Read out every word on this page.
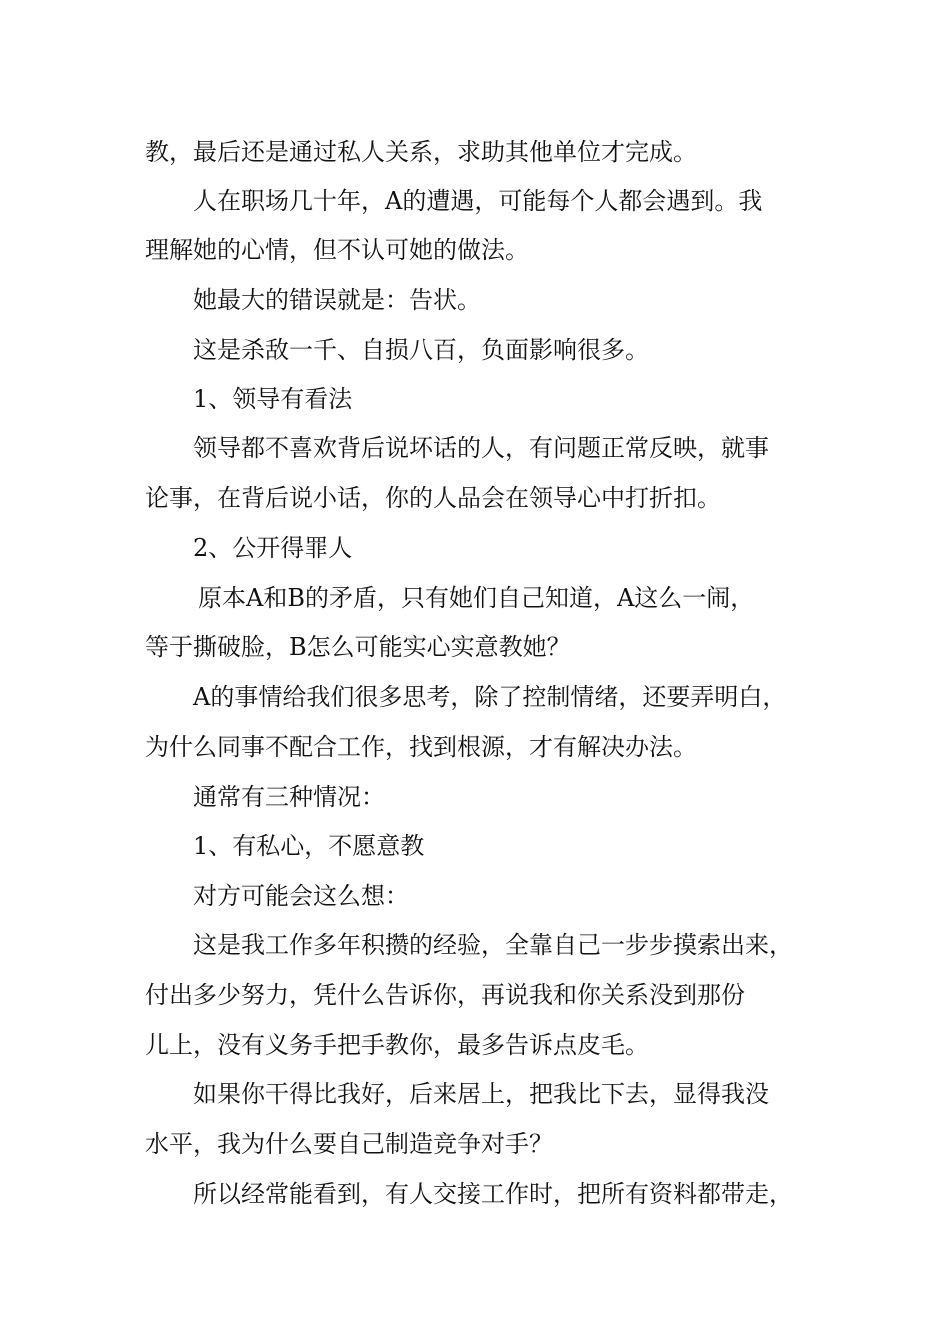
教，最后还是通过私人关系，求助其他单位才完成。
人在职场几十年，A的遭遇，可能每个人都会遇到。我
理解她的心情，但不认可她的做法。
她最大的错误就是：告状。
这是杀敌一千、自损八百，负面影响很多。
1、领导有看法
领导都不喜欢背后说坏话的人，有问题正常反映，就事
论事，在背后说小话，你的人品会在领导心中打折扣。
2、公开得罪人
原本A和B的矛盾，只有她们自己知道，A这么一闹，
等于撕破脸，B怎么可能实心实意教她？
A的事情给我们很多思考，除了控制情绪，还要弄明白，
为什么同事不配合工作，找到根源，才有解决办法。
通常有三种情况：
1、有私心，不愿意教
对方可能会这么想：
这是我工作多年积攒的经验，全靠自己一步步摸索出来，
付出多少努力，凭什么告诉你，再说我和你关系没到那份
儿上，没有义务手把手教你，最多告诉点皮毛。
如果你干得比我好，后来居上，把我比下去，显得我没
水平，我为什么要自己制造竞争对手？
所以经常能看到，有人交接工作时，把所有资料都带走，
